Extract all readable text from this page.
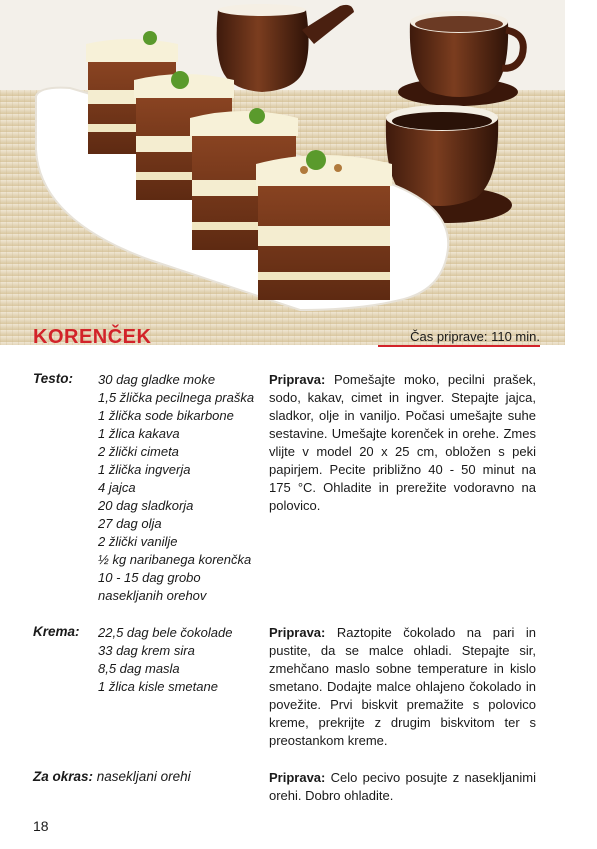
KORENČEK	Čas priprave: 110 min.
Testo: 30 dag gladke moke
1,5 žlička pecilnega praška
1 žlička sode bikarbone
1 žlica kakava
2 žlički cimeta
1 žlička ingverja
4 jajca
20 dag sladkorja
27 dag olja
2 žlički vanilje
½ kg naribanega korenčka
10 - 15 dag grobo
nasekljanih orehov

Priprava: Pomešajte moko, pecilni prašek, sodo, kakav, cimet in ingver. Stepajte jajca, sladkor, olje in vaniljo. Počasi umešajte suhe sestavine. Umešajte korenček in orehe. Zmes vlijte v model 20 x 25 cm, obložen s peki papirjem. Pecite približno 40 - 50 minut na 175 °C. Ohladite in prerežite vodoravno na polovico.

Krema: 22,5 dag bele čokolade
33 dag krem sira
8,5 dag masla
1 žlica kisle smetane

Priprava: Raztopite čokolado na pari in pustite, da se malce ohladi. Stepajte sir, zmehčano maslo sobne temperature in kislo smetano. Dodajte malce ohlajeno čokolado in povežite. Prvi biskvit premažite s polovico kreme, prekrijte z drugim biskvitom ter s preostankom kreme.

Za okras: nasekljani orehi	Priprava: Celo pecivo posujte z nasekljanimi orehi. Dobro ohladite.

18
